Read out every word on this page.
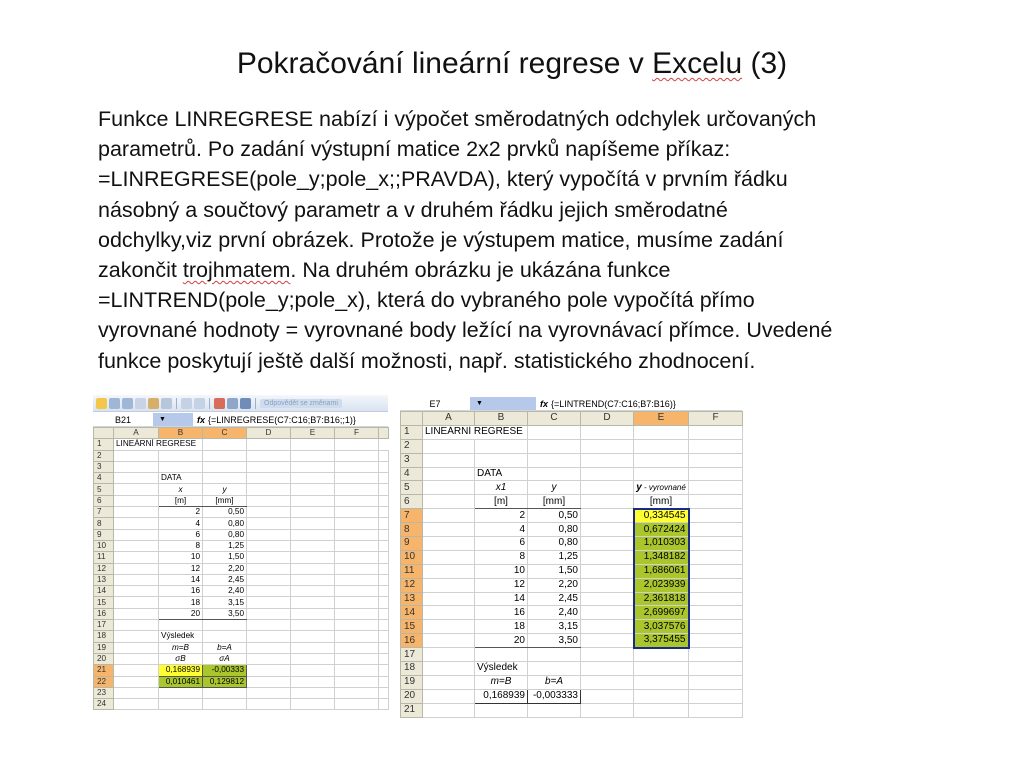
Pokračování lineární regrese v Excelu (3)
Funkce LINREGRESE nabízí i výpočet směrodatných odchylek určovaných
parametrů. Po zadání výstupní matice 2x2 prvků napíšeme příkaz:
=LINREGRESE(pole_y;pole_x;;PRAVDA), který vypočítá v prvním řádku
násobný a součtový parametr a v druhém řádku jejich směrodatné
odchylky,viz první obrázek. Protože je výstupem matice, musíme zadání
zakončit trojhmatem. Na druhém obrázku je ukázána funkce
=LINTREND(pole_y;pole_x), která do vybraného pole vypočítá přímo
vyrovnané hodnoty = vyrovnané body ležící na vyrovnávací přímce. Uvedené
funkce poskytují ještě další možnosti, např. statistického zhodnocení.
Odpovědět se změnami
B21	▼	fx {=LINREGRESE(C7:C16;B7:B16;;1)}
	A	B	C	D	E	F	
1	LINEÁRNÍ REGRESE						
2							
3							
4		DATA					
5		x	y				
6		[m]	[mm]				
7		2	0,50				
8		4	0,80				
9		6	0,80				
10		8	1,25				
11		10	1,50				
12		12	2,20				
13		14	2,45				
14		16	2,40				
15		18	3,15				
16		20	3,50				
17							
18		Výsledek					
19		m=B	b=A				
20		σB	σA				
21		0,168939	-0,00333				
22		0,010461	0,129812				
23							
24							
E7	▼	fx {=LINTREND(C7:C16;B7:B16)}
	A	B	C	D	E	F
1	LINEÁRNÍ REGRESE					
2						
3						
4		DATA				
5		x1	y		y - vyrovnané	
6		[m]	[mm]		[mm]	
7		2	0,50		0,334545	
8		4	0,80		0,672424	
9		6	0,80		1,010303	
10		8	1,25		1,348182	
11		10	1,50		1,686061	
12		12	2,20		2,023939	
13		14	2,45		2,361818	
14		16	2,40		2,699697	
15		18	3,15		3,037576	
16		20	3,50		3,375455	
17						
18		Výsledek				
19		m=B	b=A			
20		0,168939	-0,003333			
21						
